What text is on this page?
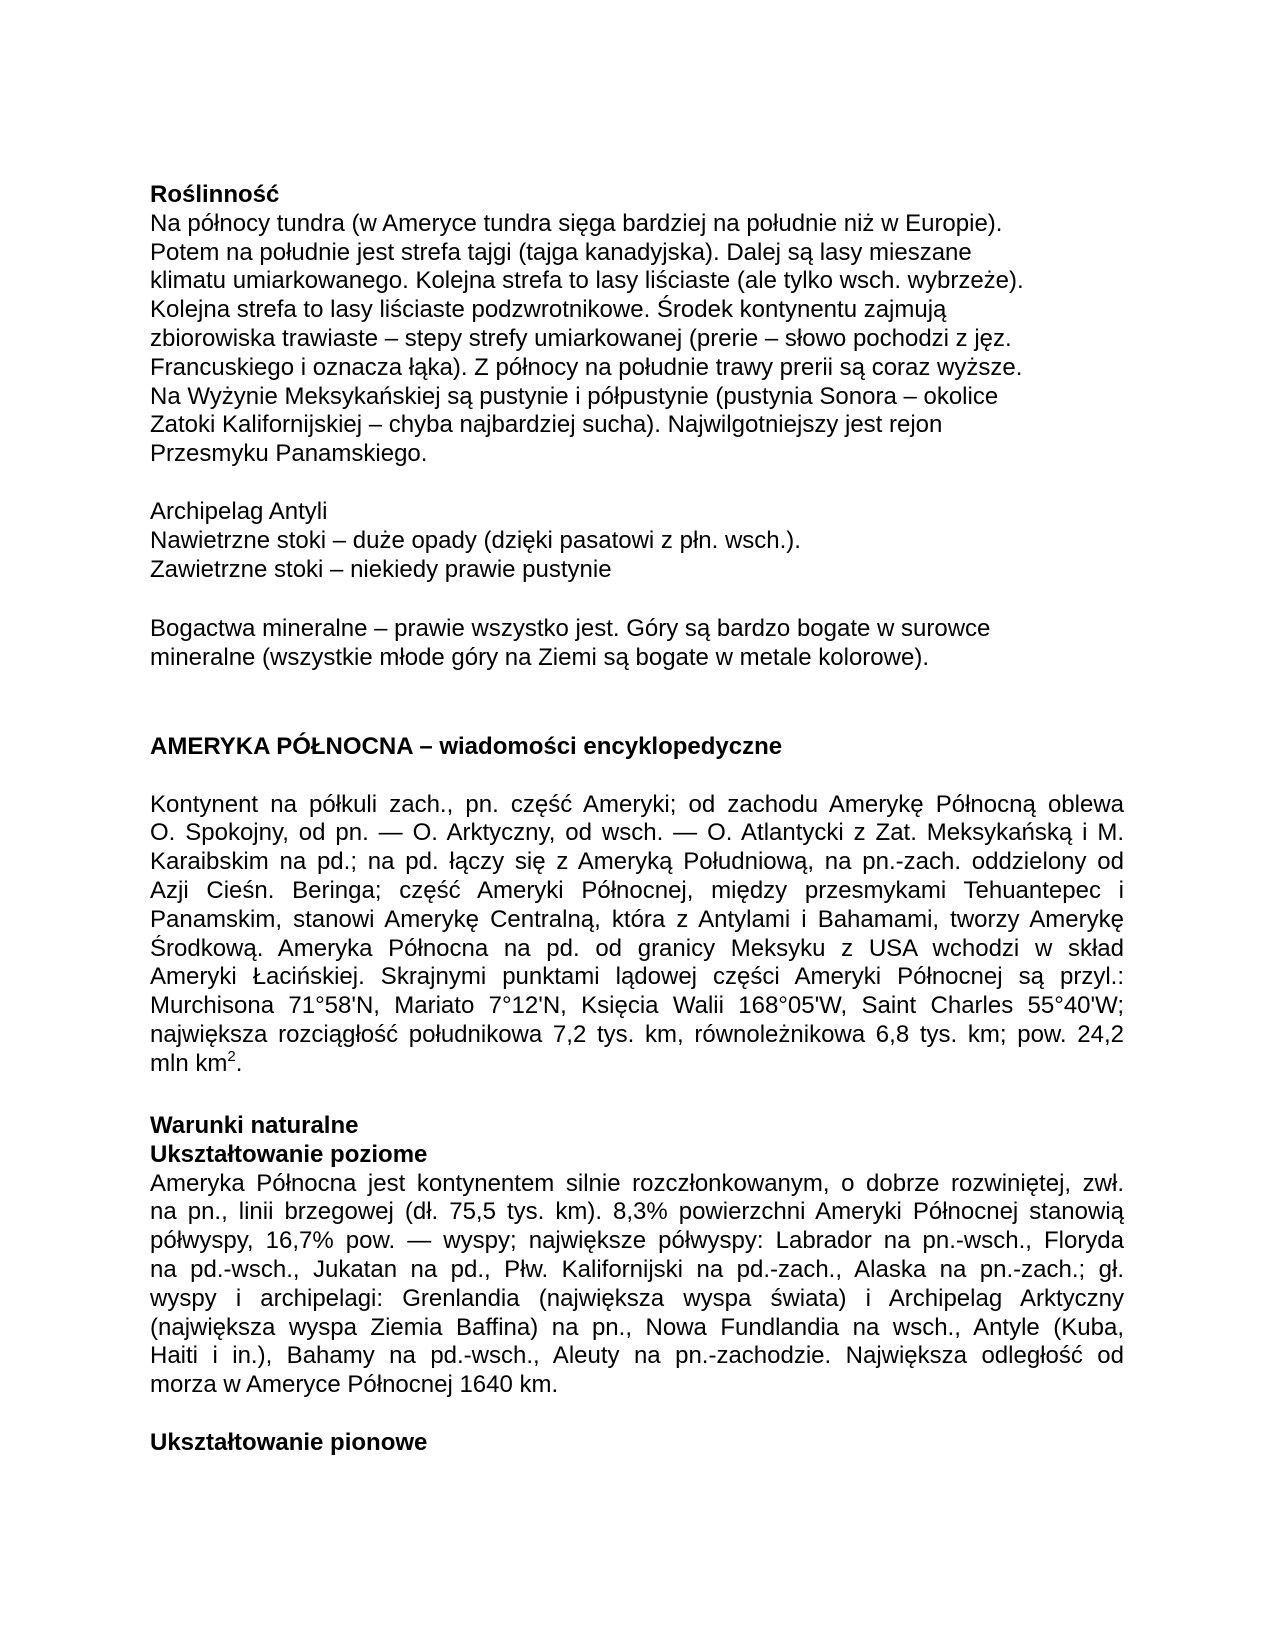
Roślinność
Na północy tundra (w Ameryce tundra sięga bardziej na południe niż w Europie).
Potem na południe jest strefa tajgi (tajga kanadyjska). Dalej są lasy mieszane
klimatu umiarkowanego. Kolejna strefa to lasy liściaste (ale tylko wsch. wybrzeże).
Kolejna strefa to lasy liściaste podzwrotnikowe. Środek kontynentu zajmują
zbiorowiska trawiaste – stepy strefy umiarkowanej (prerie – słowo pochodzi z jęz.
Francuskiego i oznacza łąka). Z północy na południe trawy prerii są coraz wyższe.
Na Wyżynie Meksykańskiej są pustynie i półpustynie (pustynia Sonora – okolice
Zatoki Kalifornijskiej – chyba najbardziej sucha). Najwilgotniejszy jest rejon
Przesmyku Panamskiego.
Archipelag Antyli
Nawietrzne stoki – duże opady (dzięki pasatowi z płn. wsch.).
Zawietrzne stoki – niekiedy prawie pustynie
Bogactwa mineralne – prawie wszystko jest. Góry są bardzo bogate w surowce
mineralne (wszystkie młode góry na Ziemi są bogate w metale kolorowe).
AMERYKA PÓŁNOCNA – wiadomości encyklopedyczne
Kontynent na półkuli zach., pn. część Ameryki; od zachodu Amerykę Północną oblewa
O. Spokojny, od pn. — O. Arktyczny, od wsch. — O. Atlantycki z Zat. Meksykańską i M.
Karaibskim na pd.; na pd. łączy się z Ameryką Południową, na pn.-zach. oddzielony od
Azji Cieśn. Beringa; część Ameryki Północnej, między przesmykami Tehuantepec i
Panamskim, stanowi Amerykę Centralną, która z Antylami i Bahamami, tworzy Amerykę
Środkową. Ameryka Północna na pd. od granicy Meksyku z USA wchodzi w skład
Ameryki Łacińskiej. Skrajnymi punktami lądowej części Ameryki Północnej są przyl.:
Murchisona 71°58'N, Mariato 7°12'N, Księcia Walii 168°05'W, Saint Charles 55°40'W;
największa rozciągłość południkowa 7,2 tys. km, równoleżnikowa 6,8 tys. km; pow. 24,2
mln $km^2$.
Warunki naturalne
Ukształtowanie poziome
Ameryka Północna jest kontynentem silnie rozczłonkowanym, o dobrze rozwiniętej, zwł.
na pn., linii brzegowej (dł. 75,5 tys. km). 8,3% powierzchni Ameryki Północnej stanowią
półwyspy, 16,7% pow. — wyspy; największe półwyspy: Labrador na pn.-wsch., Floryda
na pd.-wsch., Jukatan na pd., Płw. Kalifornijski na pd.-zach., Alaska na pn.-zach.; gł.
wyspy i archipelagi: Grenlandia (największa wyspa świata) i Archipelag Arktyczny
(największa wyspa Ziemia Baffina) na pn., Nowa Fundlandia na wsch., Antyle (Kuba,
Haiti i in.), Bahamy na pd.-wsch., Aleuty na pn.-zachodzie. Największa odległość od
morza w Ameryce Północnej 1640 km.
Ukształtowanie pionowe
